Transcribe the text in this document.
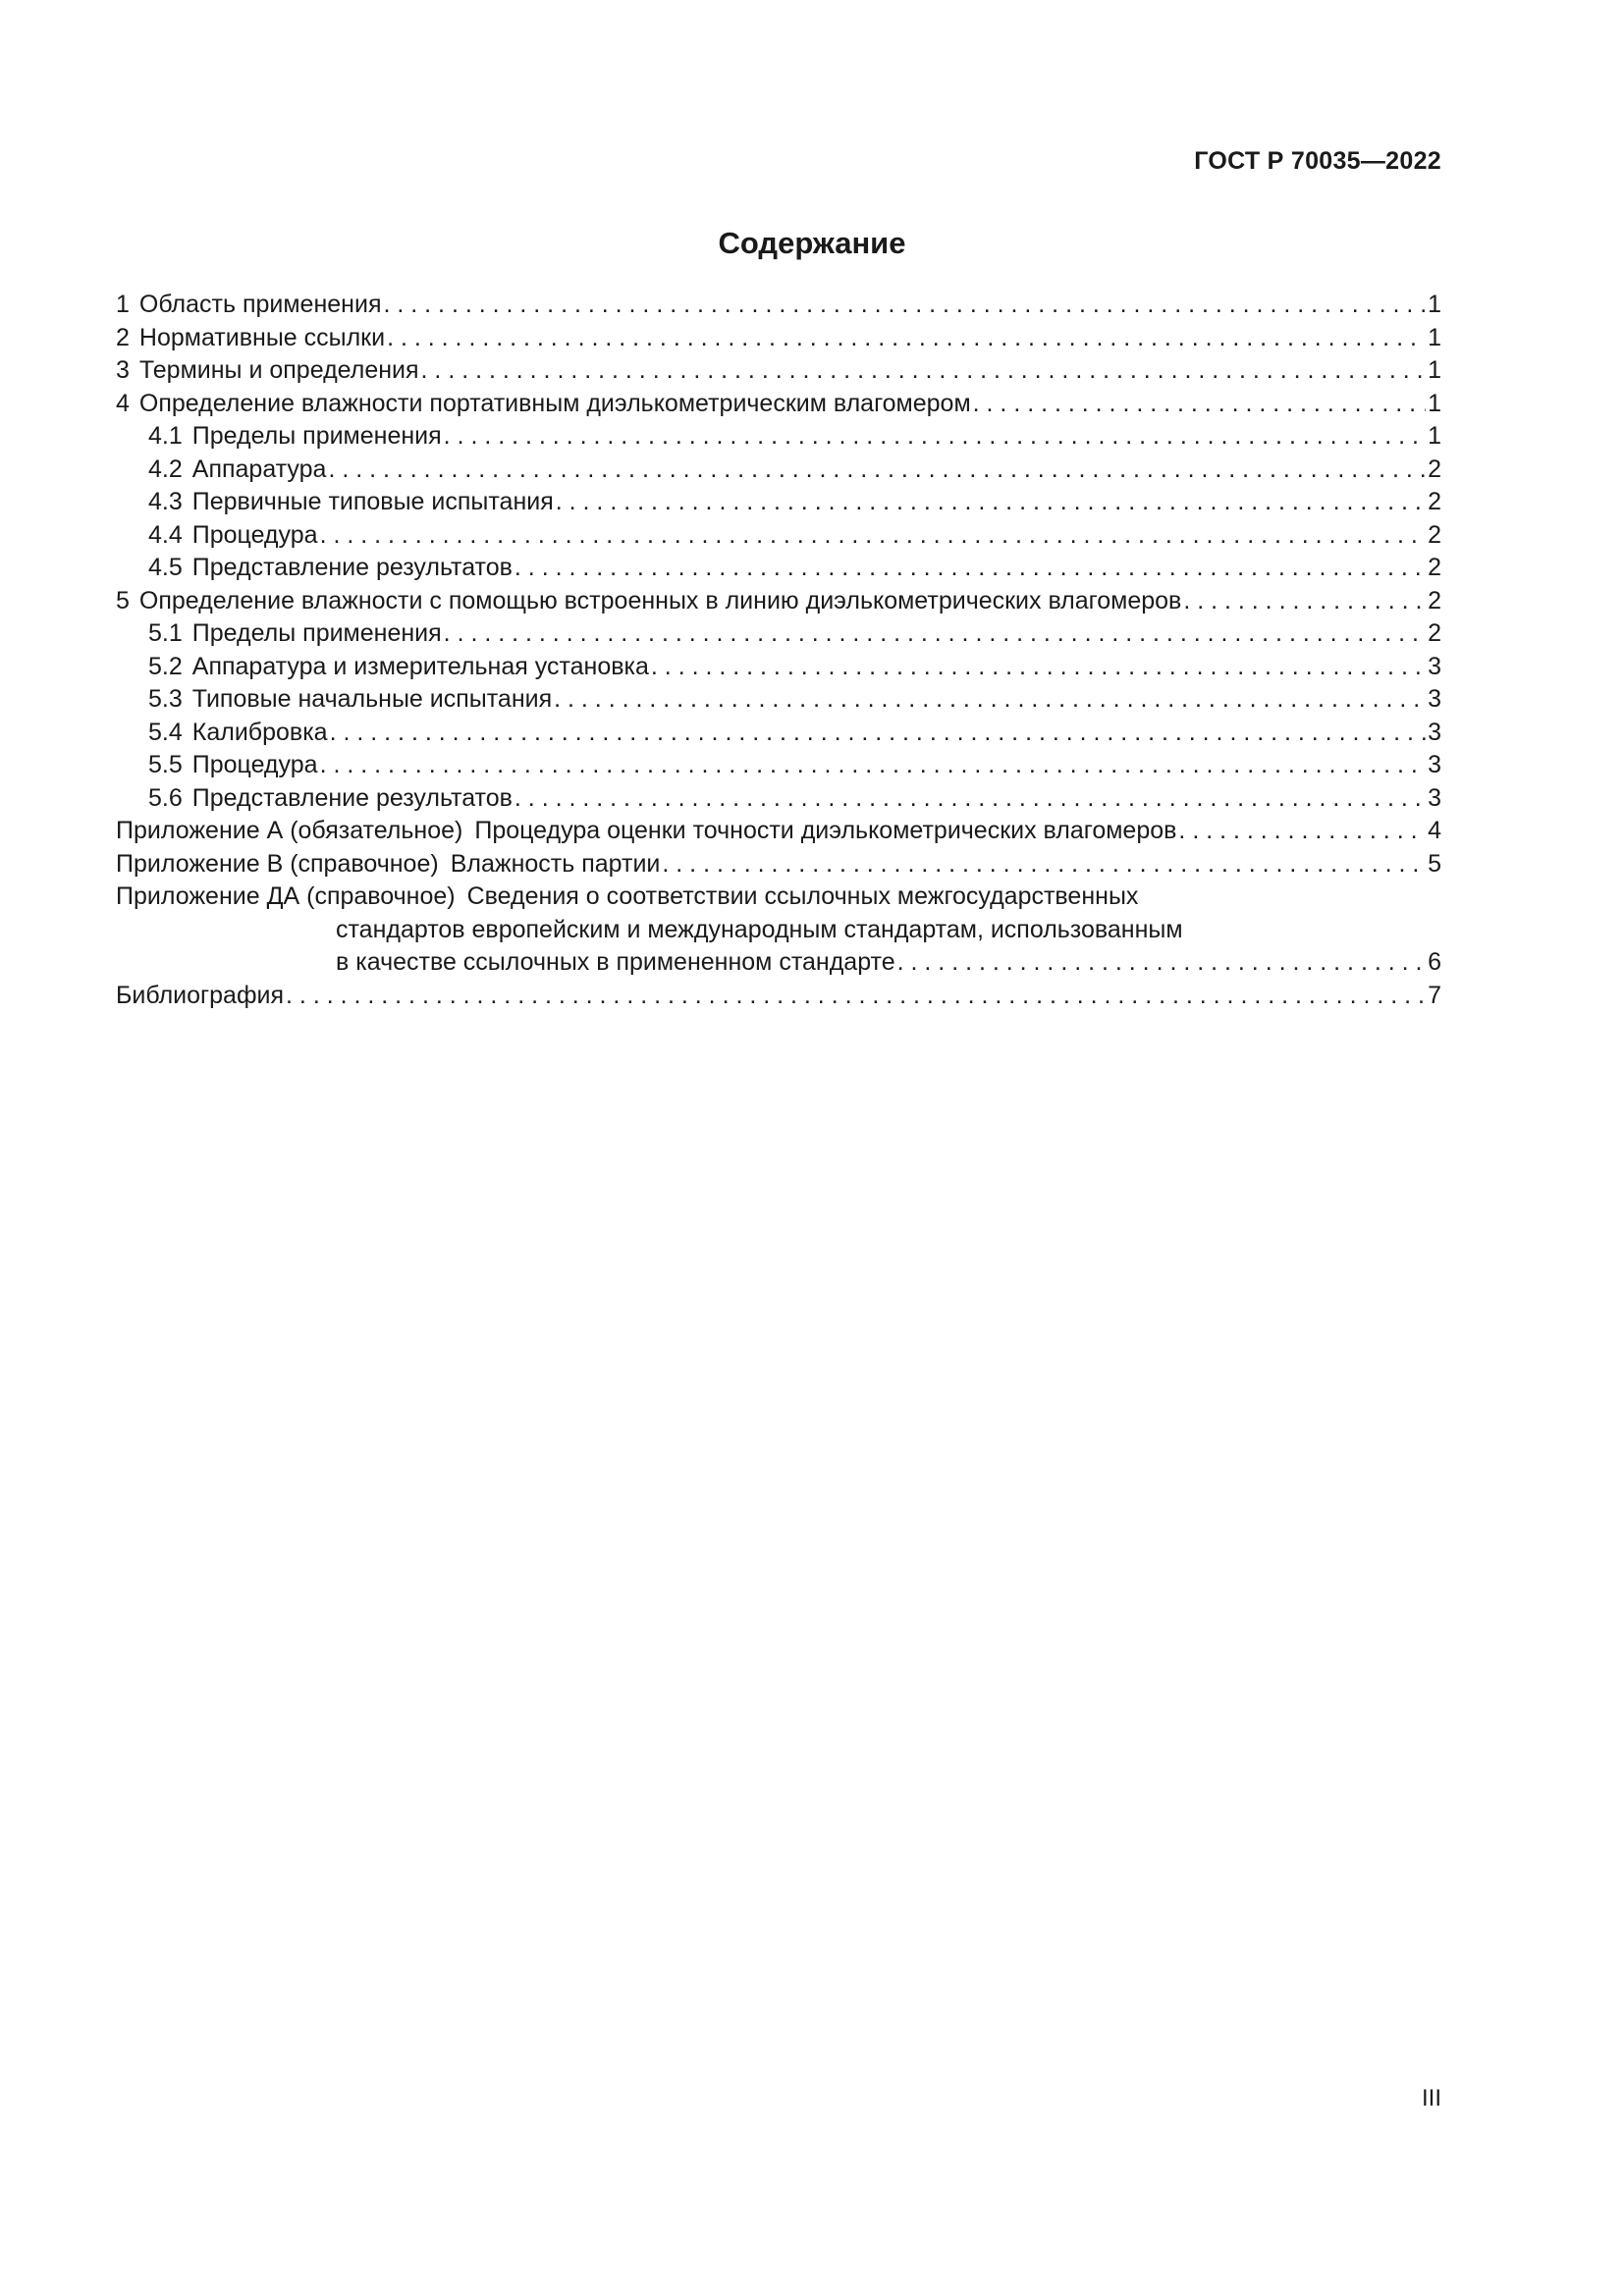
ГОСТ Р 70035—2022
Содержание
1 Область применения . . .	1
2 Нормативные ссылки . . .	1
3 Термины и определения . . .	1
4 Определение влажности портативным диэлькометрическим влагомером . . .	1
4.1 Пределы применения . . .	1
4.2 Аппаратура . . .	2
4.3 Первичные типовые испытания . . .	2
4.4 Процедура . . .	2
4.5 Представление результатов . . .	2
5 Определение влажности с помощью встроенных в линию диэлькометрических влагомеров . . .	2
5.1 Пределы применения . . .	2
5.2 Аппаратура и измерительная установка . . .	3
5.3 Типовые начальные испытания . . .	3
5.4 Калибровка . . .	3
5.5 Процедура . . .	3
5.6 Представление результатов . . .	3
Приложение А (обязательное) Процедура оценки точности диэлькометрических влагомеров . . .	4
Приложение В (справочное) Влажность партии . . .	5
Приложение ДА (справочное) Сведения о соответствии ссылочных межгосударственных
стандартов европейским и международным стандартам, использованным
в качестве ссылочных в примененном стандарте . . .	6
Библиография . . .	7
III
